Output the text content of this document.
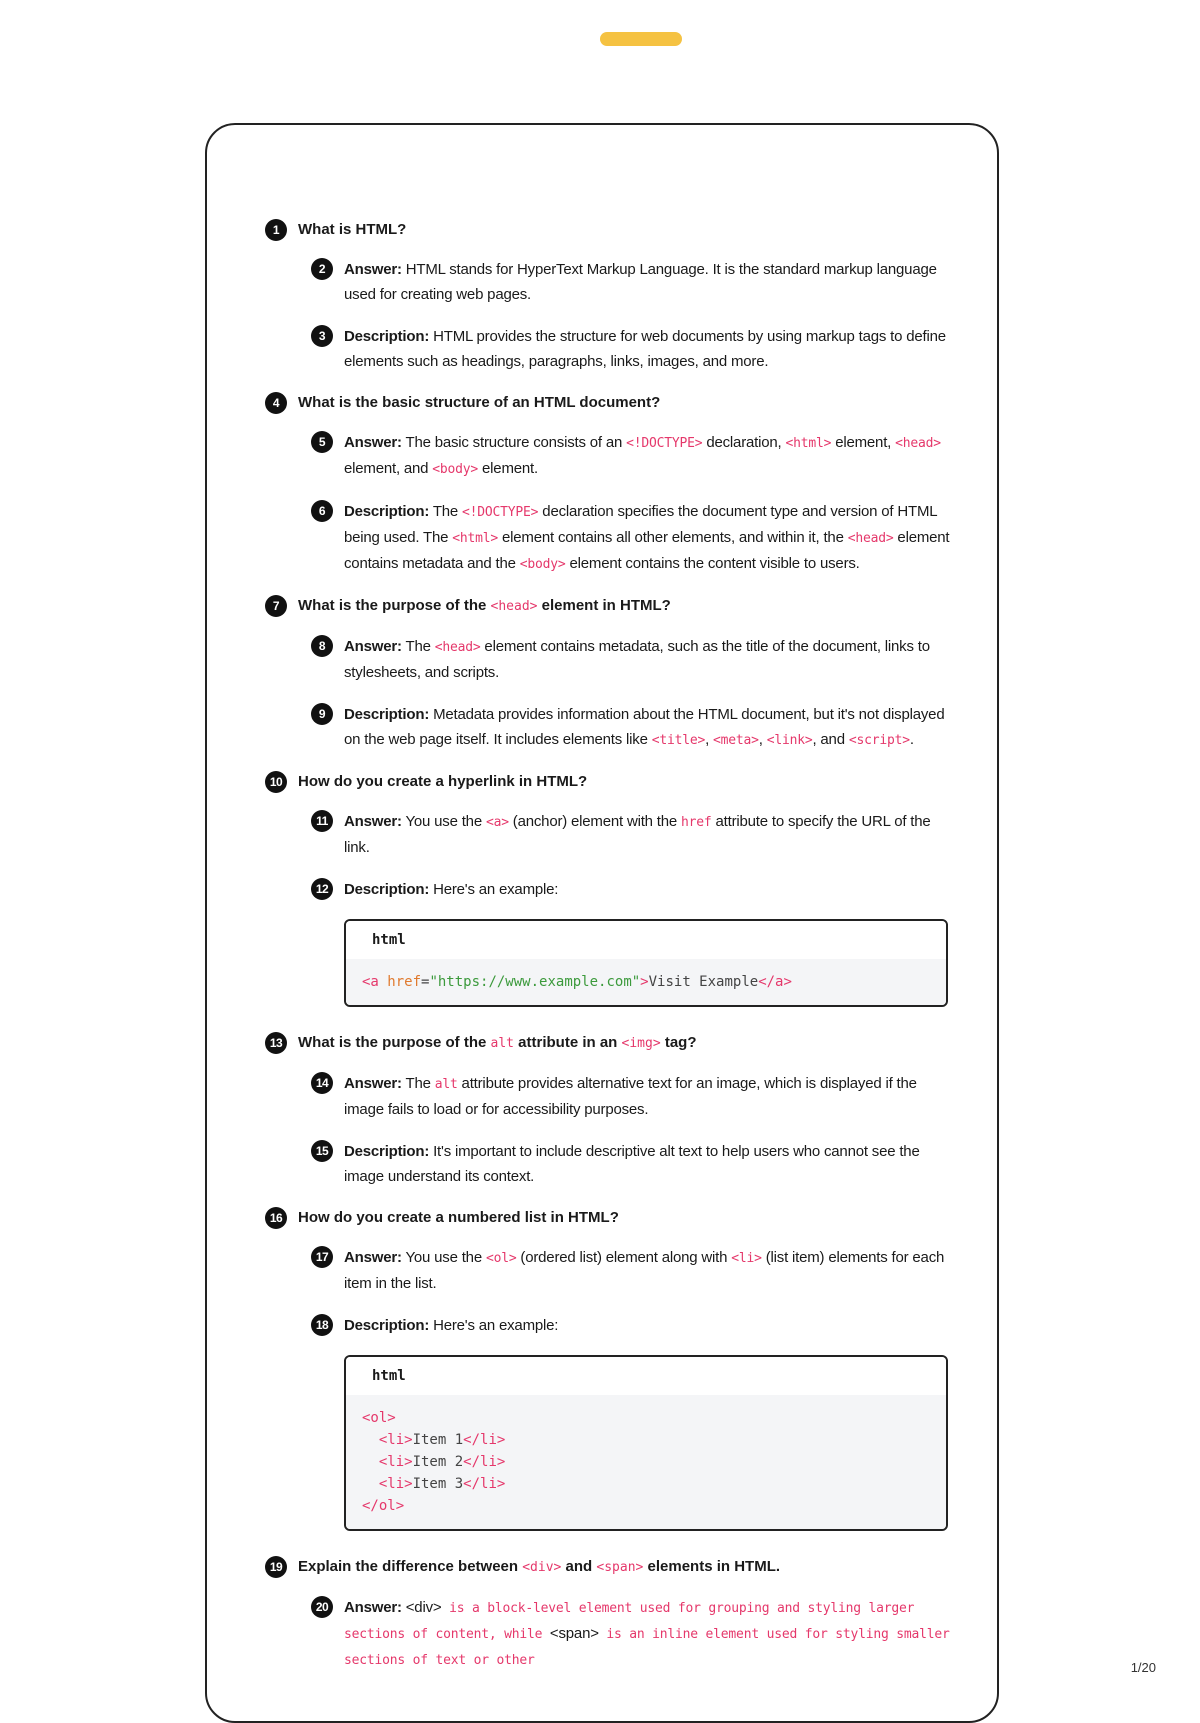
1	What is HTML?
2	Answer: HTML stands for HyperText Markup Language. It is the standard markup language used for creating web pages.
3	Description: HTML provides the structure for web documents by using markup tags to define elements such as headings, paragraphs, links, images, and more.
4	What is the basic structure of an HTML document?
5	Answer: The basic structure consists of an <!DOCTYPE> declaration, <html> element, <head> element, and <body> element.
6	Description: The <!DOCTYPE> declaration specifies the document type and version of HTML being used. The <html> element contains all other elements, and within it, the <head> element contains metadata and the <body> element contains the content visible to users.
7	What is the purpose of the <head> element in HTML?
8	Answer: The <head> element contains metadata, such as the title of the document, links to stylesheets, and scripts.
9	Description: Metadata provides information about the HTML document, but it's not displayed on the web page itself. It includes elements like <title>, <meta>, <link>, and <script>.
10	How do you create a hyperlink in HTML?
11	Answer: You use the <a> (anchor) element with the href attribute to specify the URL of the link.
12	Description: Here's an example:
html
<a href="https://www.example.com">Visit Example</a>
13	What is the purpose of the alt attribute in an <img> tag?
14	Answer: The alt attribute provides alternative text for an image, which is displayed if the image fails to load or for accessibility purposes.
15	Description: It's important to include descriptive alt text to help users who cannot see the image understand its context.
16	How do you create a numbered list in HTML?
17	Answer: You use the <ol> (ordered list) element along with <li> (list item) elements for each item in the list.
18	Description: Here's an example:
html
<ol>
<li>Item 1</li>
<li>Item 2</li>
<li>Item 3</li>
</ol>
19	Explain the difference between <div> and <span> elements in HTML.
20	Answer: <div> is a block-level element used for grouping and styling larger sections of content, while <span> is an inline element used for styling smaller sections of text or other	1/20
